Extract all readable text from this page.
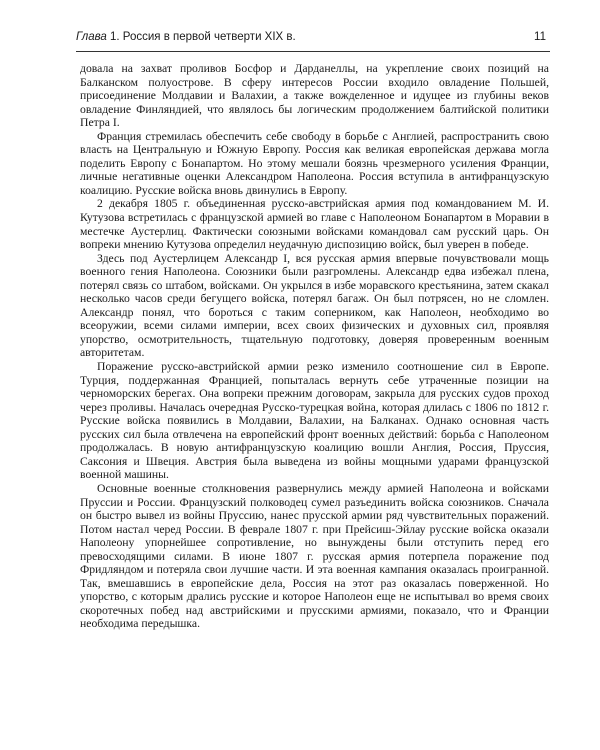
Глава 1. Россия в первой четверти XIX в.	11

довала на захват проливов Босфор и Дарданеллы, на укрепление своих позиций на Балканском полуострове. В сферу интересов России входило овладение Польшей, присоединение Молдавии и Валахии, а также вожделенное и идущее из глубины веков овладение Финляндией, что являлось бы логическим продолжением балтийской политики Петра I.

Франция стремилась обеспечить себе свободу в борьбе с Англией, распространить свою власть на Центральную и Южную Европу. Россия как великая европейская держава могла поделить Европу с Бонапартом. Но этому мешали боязнь чрезмерного усиления Франции, личные негативные оценки Александром Наполеона. Россия вступила в антифранцузскую коалицию. Русские войска вновь двинулись в Европу.

2 декабря 1805 г. объединенная русско-австрийская армия под командованием М. И. Кутузова встретилась с французской армией во главе с Наполеоном Бонапартом в Моравии в местечке Аустерлиц. Фактически союзными войсками командовал сам русский царь. Он вопреки мнению Кутузова определил неудачную диспозицию войск, был уверен в победе.

Здесь под Аустерлицем Александр I, вся русская армия впервые почувствовали мощь военного гения Наполеона. Союзники были разгромлены. Александр едва избежал плена, потерял связь со штабом, войсками. Он укрылся в избе моравского крестьянина, затем скакал несколько часов среди бегущего войска, потерял багаж. Он был потрясен, но не сломлен. Александр понял, что бороться с таким соперником, как Наполеон, необходимо во всеоружии, всеми силами империи, всех своих физических и духовных сил, проявляя упорство, осмотрительность, тщательную подготовку, доверяя проверенным военным авторитетам.

Поражение русско-австрийской армии резко изменило соотношение сил в Европе. Турция, поддержанная Францией, попыталась вернуть себе утраченные позиции на черноморских берегах. Она вопреки прежним договорам, закрыла для русских судов проход через проливы. Началась очередная Русско-турецкая война, которая длилась с 1806 по 1812 г. Русские войска появились в Молдавии, Валахии, на Балканах. Однако основная часть русских сил была отвлечена на европейский фронт военных действий: борьба с Наполеоном продолжалась. В новую антифранцузскую коалицию вошли Англия, Россия, Пруссия, Саксония и Швеция. Австрия была выведена из войны мощными ударами французской военной машины.

Основные военные столкновения развернулись между армией Наполеона и войсками Пруссии и России. Французский полководец сумел разъединить войска союзников. Сначала он быстро вывел из войны Пруссию, нанес прусской армии ряд чувствительных поражений. Потом настал черед России. В феврале 1807 г. при Прейсиш-Эйлау русские войска оказали Наполеону упорнейшее сопротивление, но вынуждены были отступить перед его превосходящими силами. В июне 1807 г. русская армия потерпела поражение под Фридляндом и потеряла свои лучшие части. И эта военная кампания оказалась проигранной. Так, вмешавшись в европейские дела, Россия на этот раз оказалась поверженной. Но упорство, с которым дрались русские и которое Наполеон еще не испытывал во время своих скоротечных побед над австрийскими и прусскими армиями, показало, что и Франции необходима передышка.
